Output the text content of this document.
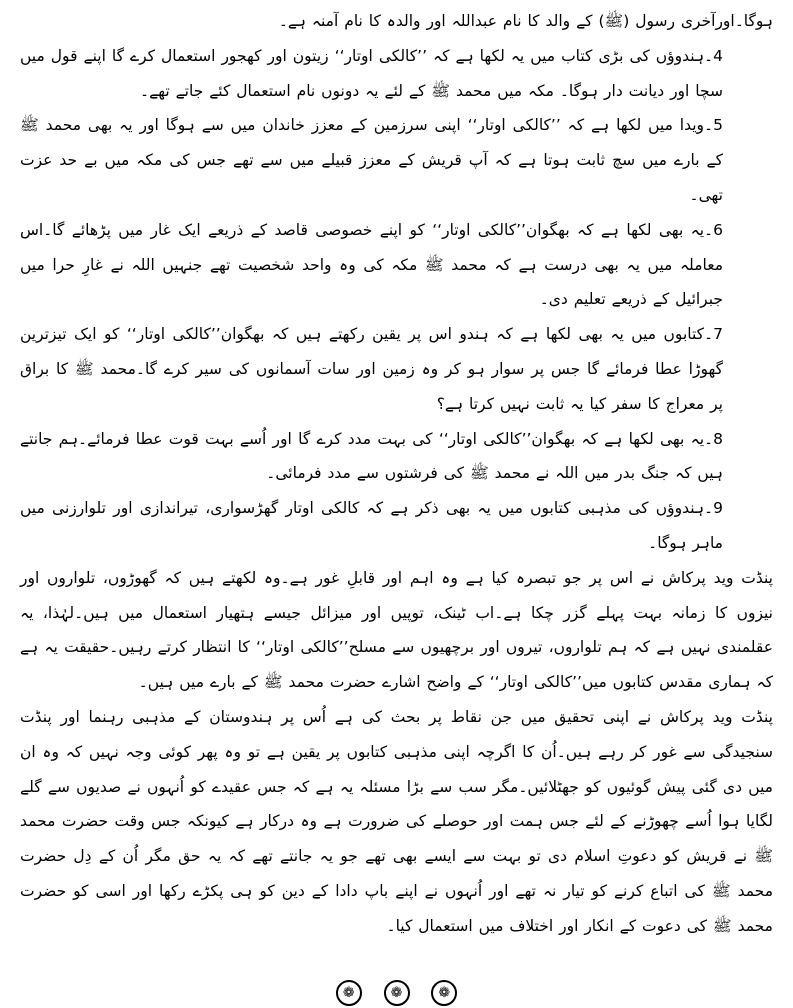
ہوگا۔اورآخری رسول (ﷺ) کے والد کا نام عبداللہ اور والدہ کا نام آمنہ ہے۔

4۔ہندوؤں کی بڑی کتاب میں یہ لکھا ہے کہ ’’کالکی اوتار‘‘ زیتون اور کھجور استعمال کرے گا اپنے قول میں سچا اور دیانت دار ہوگا۔ مکہ میں محمد ﷺ کے لئے یہ دونوں نام استعمال کئے جاتے تھے۔

5۔ویدا میں لکھا ہے کہ ’’کالکی اوتار‘‘ اپنی سرزمین کے معزز خاندان میں سے ہوگا اور یہ بھی محمد ﷺ کے بارے میں سچ ثابت ہوتا ہے کہ آپ قریش کے معزز قبیلے میں سے تھے جس کی مکہ میں بے حد عزت تھی۔

6۔یہ بھی لکھا ہے کہ بھگوان’’کالکی اوتار‘‘ کو اپنے خصوصی قاصد کے ذریعے ایک غار میں پڑھائے گا۔اس معاملہ میں یہ بھی درست ہے کہ محمد ﷺ مکہ کی وہ واحد شخصیت تھے جنہیں اللہ نے غارِ حرا میں جبرائیل کے ذریعے تعلیم دی۔

7۔کتابوں میں یہ بھی لکھا ہے کہ ہندو اس پر یقین رکھتے ہیں کہ بھگوان’’کالکی اوتار‘‘ کو ایک تیزترین گھوڑا عطا فرمائے گا جس پر سوار ہو کر وہ زمین اور سات آسمانوں کی سیر کرے گا۔محمد ﷺ کا براق پر معراج کا سفر کیا یہ ثابت نہیں کرتا ہے؟

8۔یہ بھی لکھا ہے کہ بھگوان’’کالکی اوتار‘‘ کی بہت مدد کرے گا اور اُسے بہت قوت عطا فرمائے۔ہم جانتے ہیں کہ جنگ بدر میں اللہ نے محمد ﷺ کی فرشتوں سے مدد فرمائی۔

9۔ہندوؤں کی مذہبی کتابوں میں یہ بھی ذکر ہے کہ کالکی اوتار گھڑسواری، تیراندازی اور تلوارزنی میں ماہر ہوگا۔

پنڈت وید پرکاش نے اس پر جو تبصرہ کیا ہے وہ اہم اور قابلِ غور ہے۔وہ لکھتے ہیں کہ گھوڑوں، تلواروں اور نیزوں کا زمانہ بہت پہلے گزر چکا ہے۔اب ٹینک، توپیں اور میزائل جیسے ہتھیار استعمال میں ہیں۔لہٰذا، یہ عقلمندی نہیں ہے کہ ہم تلواروں، تیروں اور برچھیوں سے مسلح’’کالکی اوتار‘‘ کا انتظار کرتے رہیں۔حقیقت یہ ہے کہ ہماری مقدس کتابوں میں’’کالکی اوتار‘‘ کے واضح اشارے حضرت محمد ﷺ کے بارے میں ہیں۔

پنڈت وید پرکاش نے اپنی تحقیق میں جن نقاط پر بحث کی ہے اُس پر ہندوستان کے مذہبی رہنما اور پنڈت سنجیدگی سے غور کر رہے ہیں۔اُن کا اگرچہ اپنی مذہبی کتابوں پر یقین ہے تو وہ پھر کوئی وجہ نہیں کہ وہ ان میں دی گئی پیش گوئیوں کو جھٹلائیں۔مگر سب سے بڑا مسئلہ یہ ہے کہ جس عقیدے کو اُنہوں نے صدیوں سے گلے لگایا ہوا اُسے چھوڑنے کے لئے جس ہمت اور حوصلے کی ضرورت ہے وہ درکار ہے کیونکہ جس وقت حضرت محمد ﷺ نے قریش کو دعوتِ اسلام دی تو بہت سے ایسے بھی تھے جو یہ جانتے تھے کہ یہ حق مگر اُن کے دِل حضرت محمد ﷺ کی اتباع کرنے کو تیار نہ تھے اور اُنہوں نے اپنے باپ دادا کے دین کو ہی پکڑے رکھا اور اسی کو حضرت محمد ﷺ کی دعوت کے انکار اور اختلاف میں استعمال کیا۔

❁	❁	❁
